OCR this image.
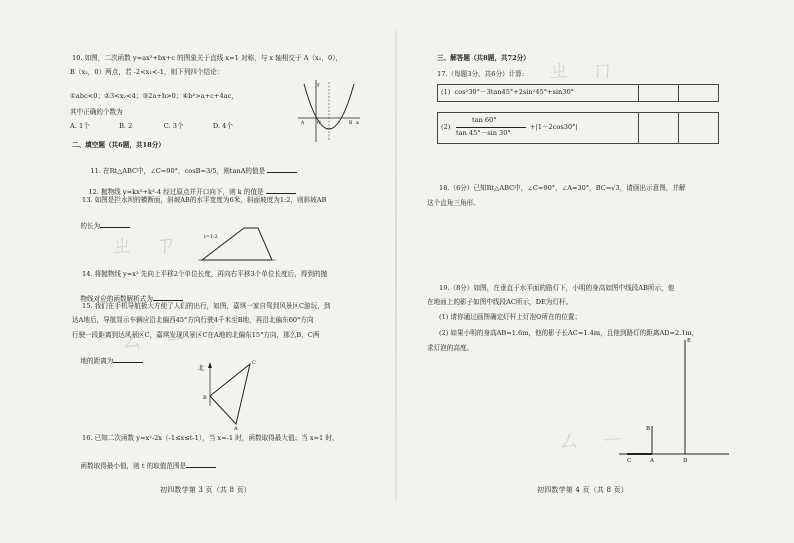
ㄓ ㄗ
ㄙ ㄧ
10. 如图，二次函数 y=ax²+bx+c 的图象关于直线 x=1 对称，与 x 轴相交于 A（x₁，0），
B（x₂，0）两点，若 -2<x₁<-1，则下列四个结论：
①abc<0；②3<x₂<4；③2a+b>0；④b²>a+c+4ac，
其中正确的个数为
A. 1个              B. 2               C. 3个              D. 4个
y
x
O
A	B
二、填空题（共6题，共18分）

11. 在Rt△ABC中，∠C=90°，cosB=3/5，则tanA的值是

12. 抛物线 y=kx²+k²-4 经过原点并开口向下，则 k 的值是

13. 如图是拦水坝的横断面，斜坡AB的水平宽度为6米，斜面坡度为1:2，则斜坡AB

的长为

i=1:2
14. 将抛物线 y=x² 先向上平移2个单位长度，再向右平移3个单位长度后，得到的抛

物线对应的函数解析式为

15. 我们在手机导航极大方便了人们的出行，如图，嘉琪一家自驾到风景区C游玩，到
达A地后，导航显示车辆应沿北偏西45°方向行驶4千米至B地，再沿北偏东60°方向
行驶一段距离到达风景区C，嘉琪发现风景区C在A地的北偏东15°方向，那么B，C两

地的距离为

北
C
B
A
16. 已知二次函数 y=x²-2x（-1≤x≤t-1），当 x=-1 时，函数取得最大值；当 x=1 时，

函数取得最小值，则 t 的取值范围是

初四数学第 3 页（共 8 页）
ㄓ ㄇ
ㄙ ㄧ
三、解答题（共8题，共72分）
17.（每题3分，共6分）计算:
(1)  cos²30°－3tan45°+2sin²45°+sin30°
(2)
tan 60°
tan 45°－sin 30°
+|1－2cos30°|
18.（6分）已知Rt△ABC中，∠C=90°，∠A=30°，BC=√3，请画出示意图，并解
这个直角三角形。
19.（8分）如图，在垂直于水平面的路灯下，小明的身高如图中线段AB所示，他
在地面上的影子如图中线段AC所示，DE为灯杆。
(1) 请你通过画图确定灯杆上灯泡O所在的位置；
(2) 如果小明的身高AB=1.6m，他的影子长AC=1.4m，且他到路灯的距离AD=2.1m，
求灯泡的高度。
E
B
C	A	D
初四数学第 4 页（共 8 页）
